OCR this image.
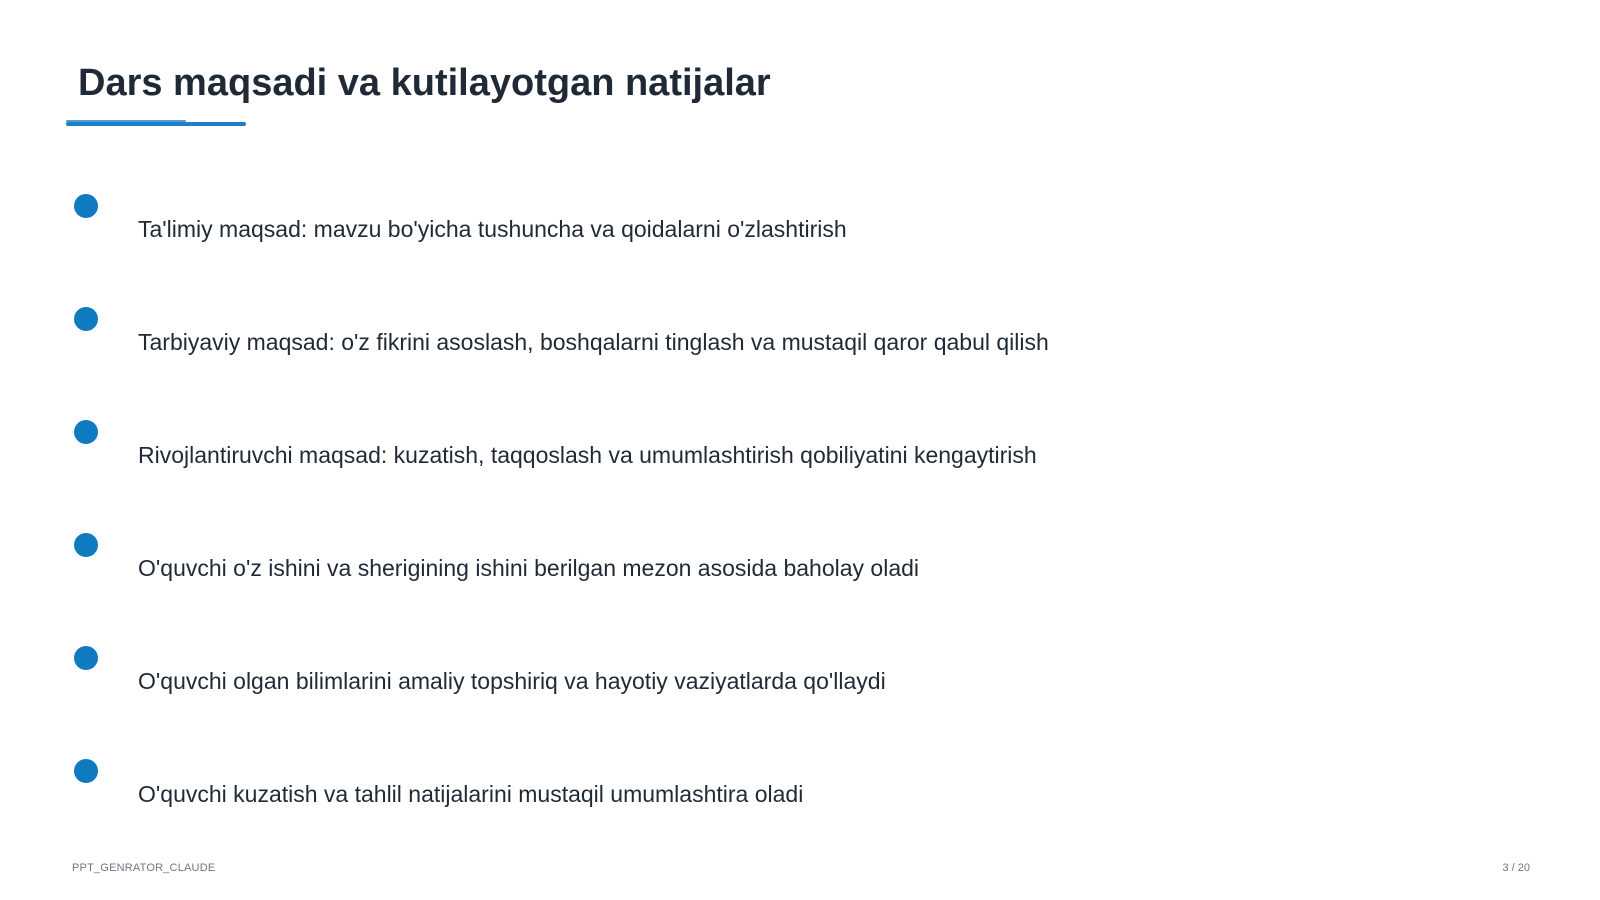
Dars maqsadi va kutilayotgan natijalar
Ta'limiy maqsad: mavzu bo'yicha tushuncha va qoidalarni o'zlashtirish
Tarbiyaviy maqsad: o'z fikrini asoslash, boshqalarni tinglash va mustaqil qaror qabul qilish
Rivojlantiruvchi maqsad: kuzatish, taqqoslash va umumlashtirish qobiliyatini kengaytirish
O'quvchi o'z ishini va sherigining ishini berilgan mezon asosida baholay oladi
O'quvchi olgan bilimlarini amaliy topshiriq va hayotiy vaziyatlarda qo'llaydi
O'quvchi kuzatish va tahlil natijalarini mustaqil umumlashtira oladi
PPT_GENRATOR_CLAUDE	3 / 20
